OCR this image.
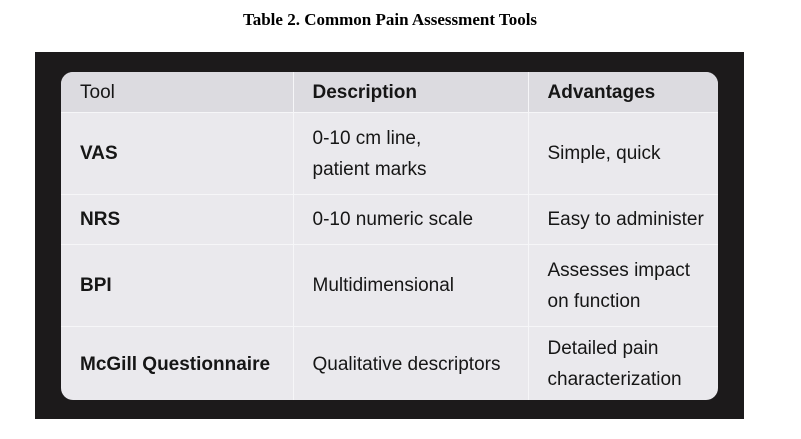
Table 2. Common Pain Assessment Tools
Tool	Description	Advantages
VAS	0-10 cm line, patient marks	Simple, quick
NRS	0-10 numeric scale	Easy to administer
BPI	Multidimensional	Assesses impact on function
McGill Questionnaire	Qualitative descriptors	Detailed pain characterization
